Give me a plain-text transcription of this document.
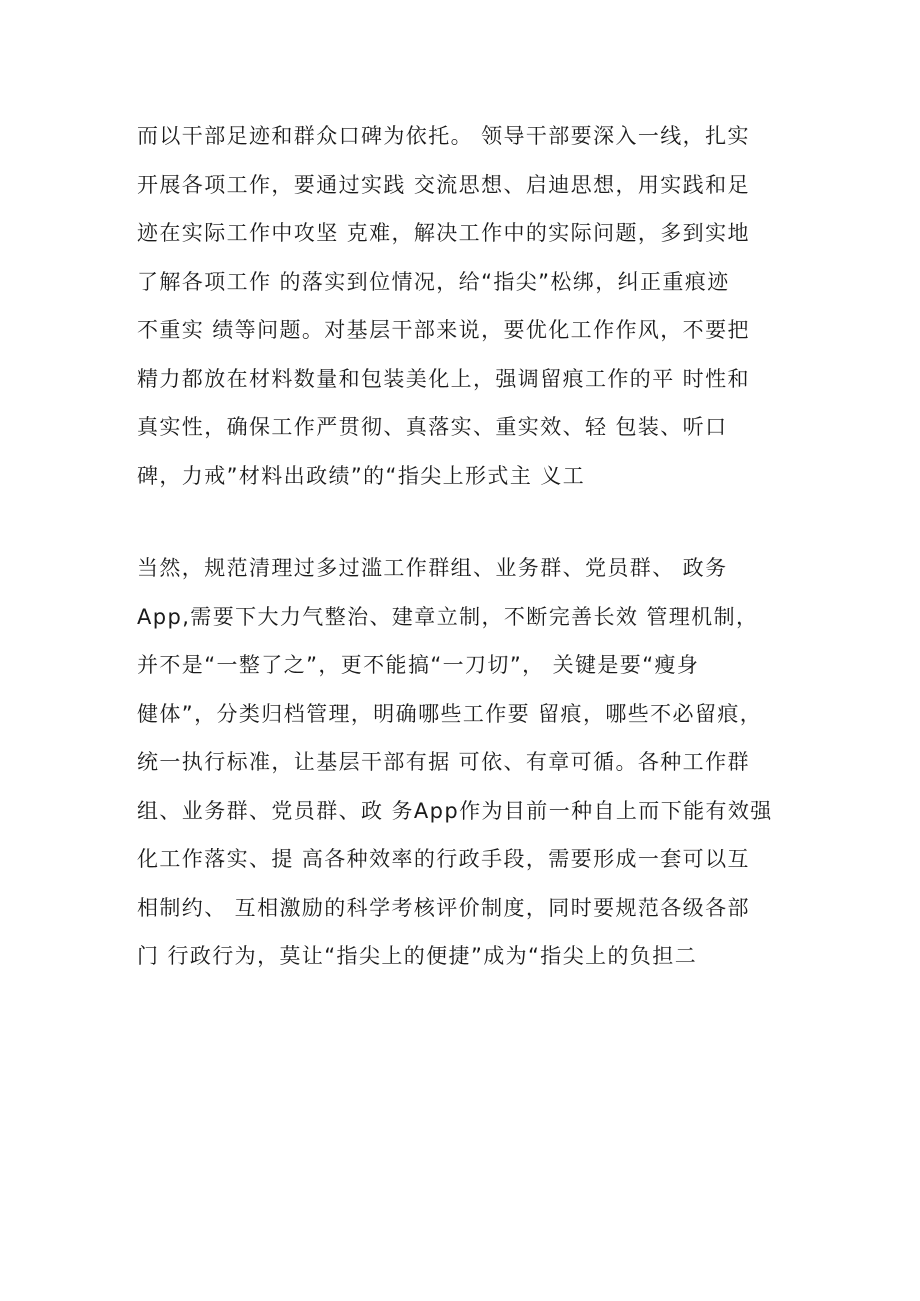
而以干部足迹和群众口碑为依托。 领导干部要深入一线，扎实
开展各项工作，要通过实践 交流思想、启迪思想，用实践和足
迹在实际工作中攻坚 克难，解决工作中的实际问题，多到实地
了解各项工作 的落实到位情况，给“指尖”松绑，纠正重痕迹
不重实 绩等问题。对基层干部来说，要优化工作作风，不要把
精力都放在材料数量和包装美化上，强调留痕工作的平 时性和
真实性，确保工作严贯彻、真落实、重实效、轻 包装、听口
碑，力戒”材料出政绩”的“指尖上形式主 义工
当然，规范清理过多过滥工作群组、业务群、党员群、 政务
App,需要下大力气整治、建章立制，不断完善长效 管理机制，
并不是“一整了之”，更不能搞“一刀切”， 关键是要“瘦身
健体”，分类归档管理，明确哪些工作要 留痕，哪些不必留痕，
统一执行标准，让基层干部有据 可依、有章可循。各种工作群
组、业务群、党员群、政 务App作为目前一种自上而下能有效强
化工作落实、提 高各种效率的行政手段，需要形成一套可以互
相制约、 互相激励的科学考核评价制度，同时要规范各级各部
门 行政行为，莫让“指尖上的便捷”成为“指尖上的负担二
